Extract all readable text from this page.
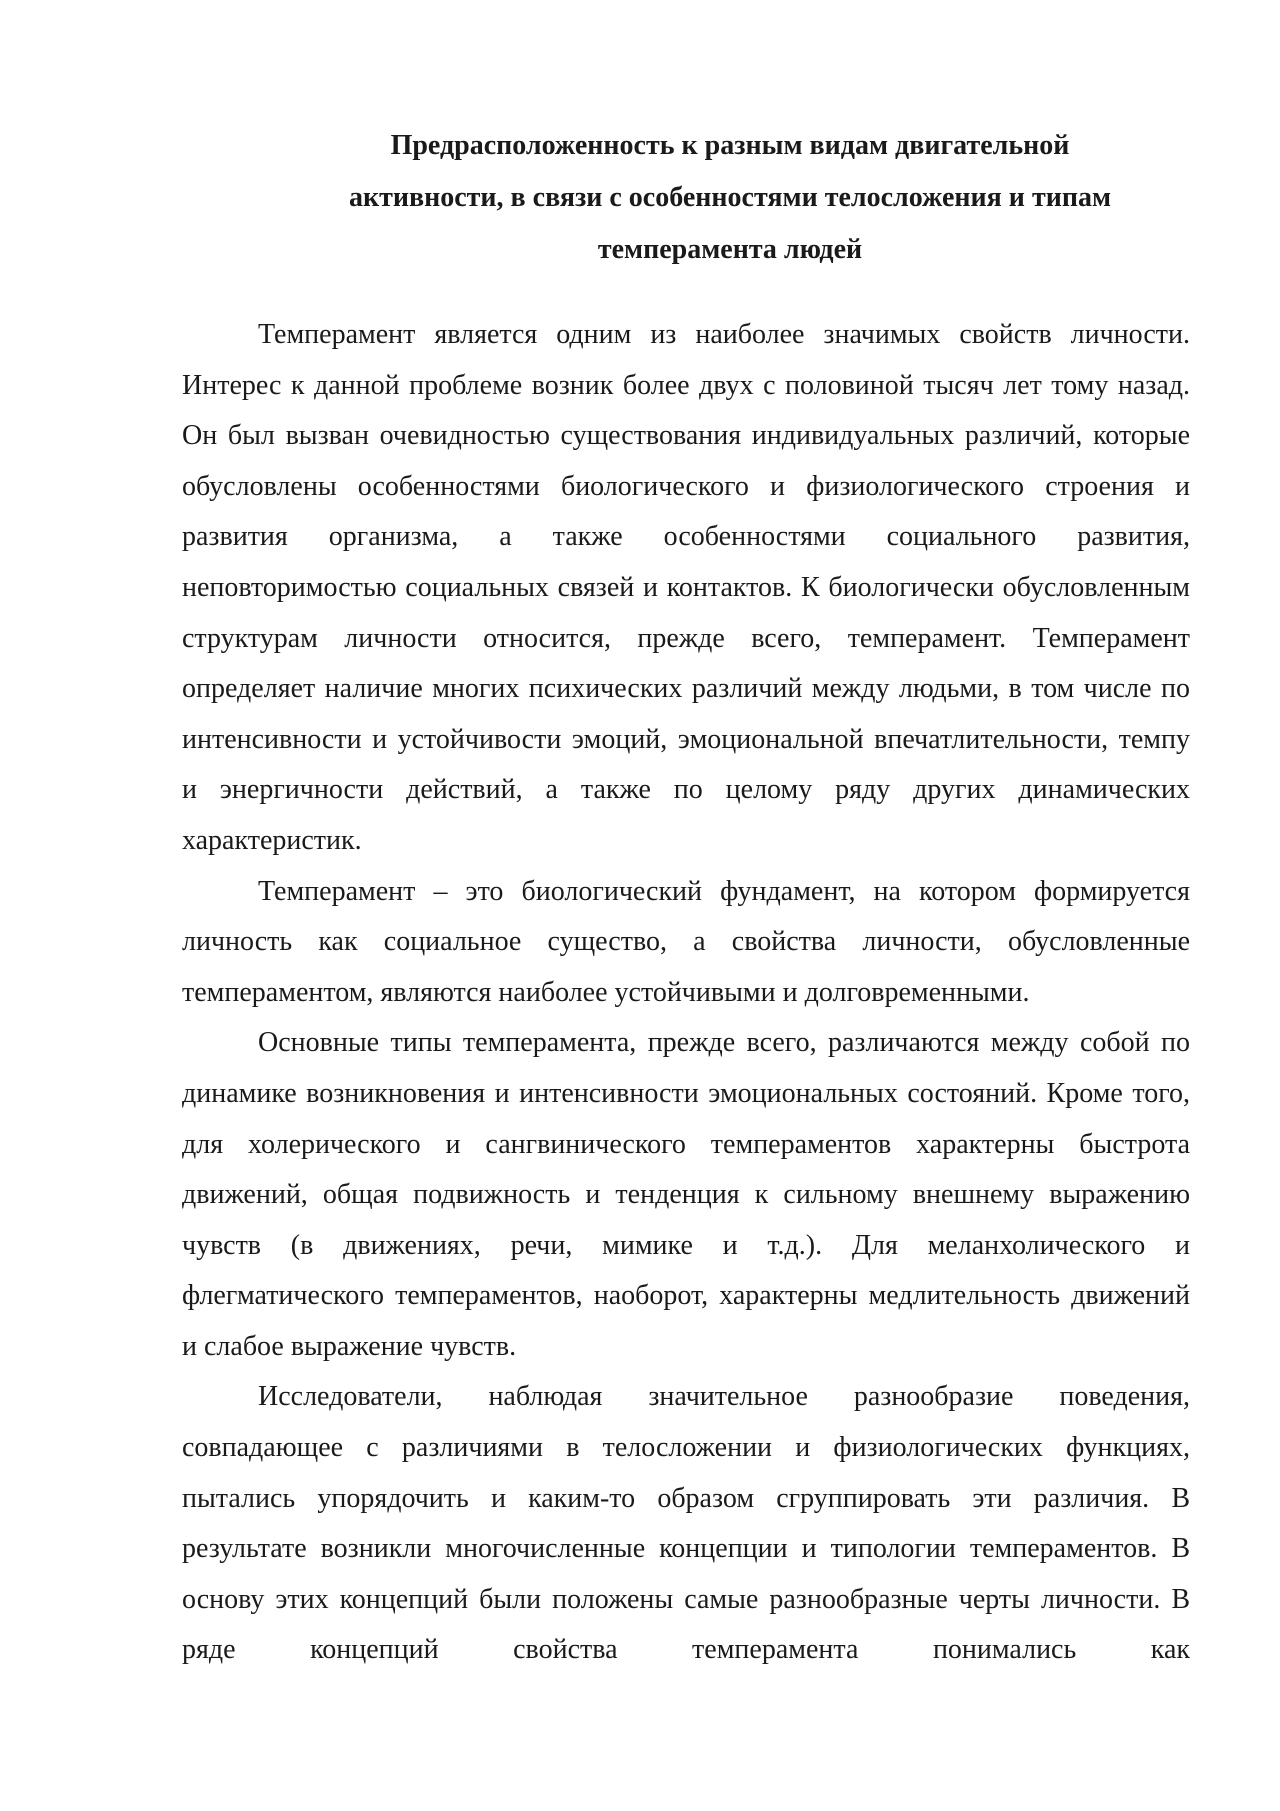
Предрасположенность к разным видам двигательной
активности, в связи с особенностями телосложения и типам
темперамента людей

Темперамент является одним из наиболее значимых свойств личности. Интерес к данной проблеме возник более двух с половиной тысяч лет тому назад. Он был вызван очевидностью существования индивидуальных различий, которые обусловлены особенностями биологического и физиологического строения и развития организма, а также особенностями социального развития, неповторимостью социальных связей и контактов. К биологически обусловленным структурам личности относится, прежде всего, темперамент. Темперамент определяет наличие многих психических различий между людьми, в том числе по интенсивности и устойчивости эмоций, эмоциональной впечатлительности, темпу и энергичности действий, а также по целому ряду других динамических характеристик.

Темперамент – это биологический фундамент, на котором формируется личность как социальное существо, а свойства личности, обусловленные темпераментом, являются наиболее устойчивыми и долговременными.

Основные типы темперамента, прежде всего, различаются между собой по динамике возникновения и интенсивности эмоциональных состояний. Кроме того, для холерического и сангвинического темпераментов характерны быстрота движений, общая подвижность и тенденция к сильному внешнему выражению чувств (в движениях, речи, мимике и т.д.). Для меланхолического и флегматического темпераментов, наоборот, характерны медлительность движений и слабое выражение чувств.

Исследователи, наблюдая значительное разнообразие поведения, совпадающее с различиями в телосложении и физиологических функциях, пытались упорядочить и каким-то образом сгруппировать эти различия. В результате возникли многочисленные концепции и типологии темпераментов. В основу этих концепций были положены самые разнообразные черты личности. В ряде концепций свойства темперамента понимались как
